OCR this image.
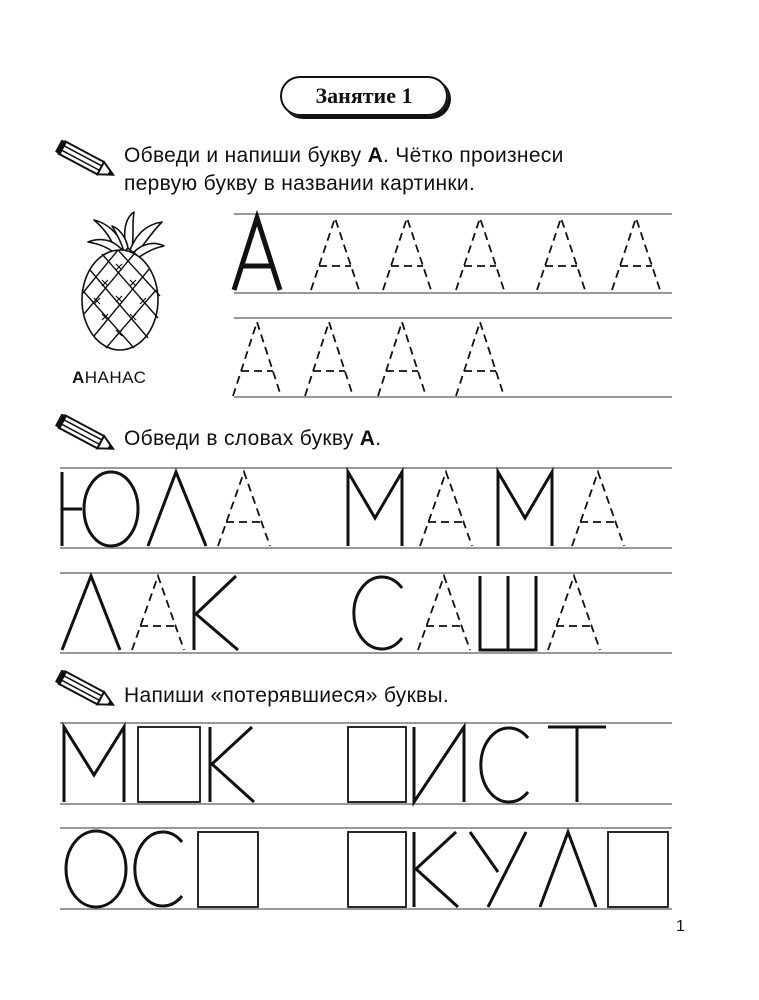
Занятие 1
Обведи и напиши букву А. Чётко произнеси
первую букву в названии картинки.
АНАНАС
Обведи в словах букву А.
Напиши «потерявшиеся» буквы.
1
